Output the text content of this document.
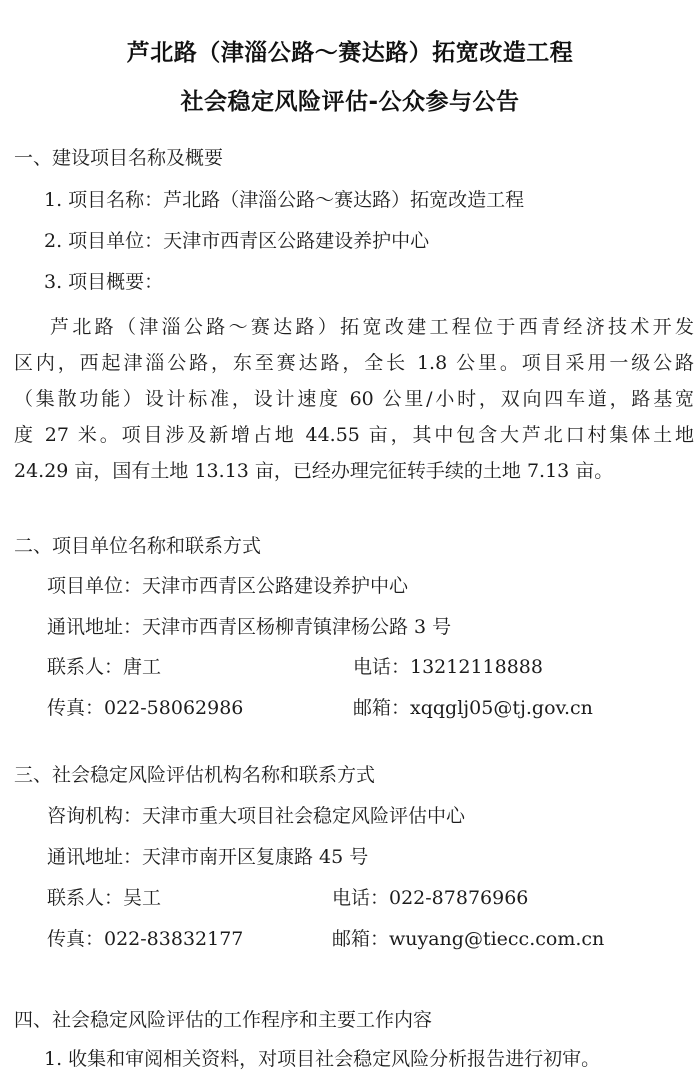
芦北路（津淄公路～赛达路）拓宽改造工程
社会稳定风险评估-公众参与公告
一、建设项目名称及概要
1. 项目名称：芦北路（津淄公路～赛达路）拓宽改造工程
2. 项目单位：天津市西青区公路建设养护中心
3. 项目概要：
芦北路（津淄公路～赛达路）拓宽改建工程位于西青经济技术开发
区内，西起津淄公路，东至赛达路，全长 1.8 公里。项目采用一级公路
（集散功能）设计标准，设计速度 60 公里/小时，双向四车道，路基宽
度 27 米。项目涉及新增占地 44.55 亩，其中包含大芦北口村集体土地
24.29 亩，国有土地 13.13 亩，已经办理完征转手续的土地 7.13 亩。
二、项目单位名称和联系方式
项目单位：天津市西青区公路建设养护中心
通讯地址：天津市西青区杨柳青镇津杨公路 3 号
联系人：唐工	电话：13212118888
传真：022-58062986	邮箱：xqqglj05@tj.gov.cn
三、社会稳定风险评估机构名称和联系方式
咨询机构：天津市重大项目社会稳定风险评估中心
通讯地址：天津市南开区复康路 45 号
联系人：吴工	电话：022-87876966
传真：022-83832177	邮箱：wuyang@tiecc.com.cn
四、社会稳定风险评估的工作程序和主要工作内容
1. 收集和审阅相关资料，对项目社会稳定风险分析报告进行初审。
